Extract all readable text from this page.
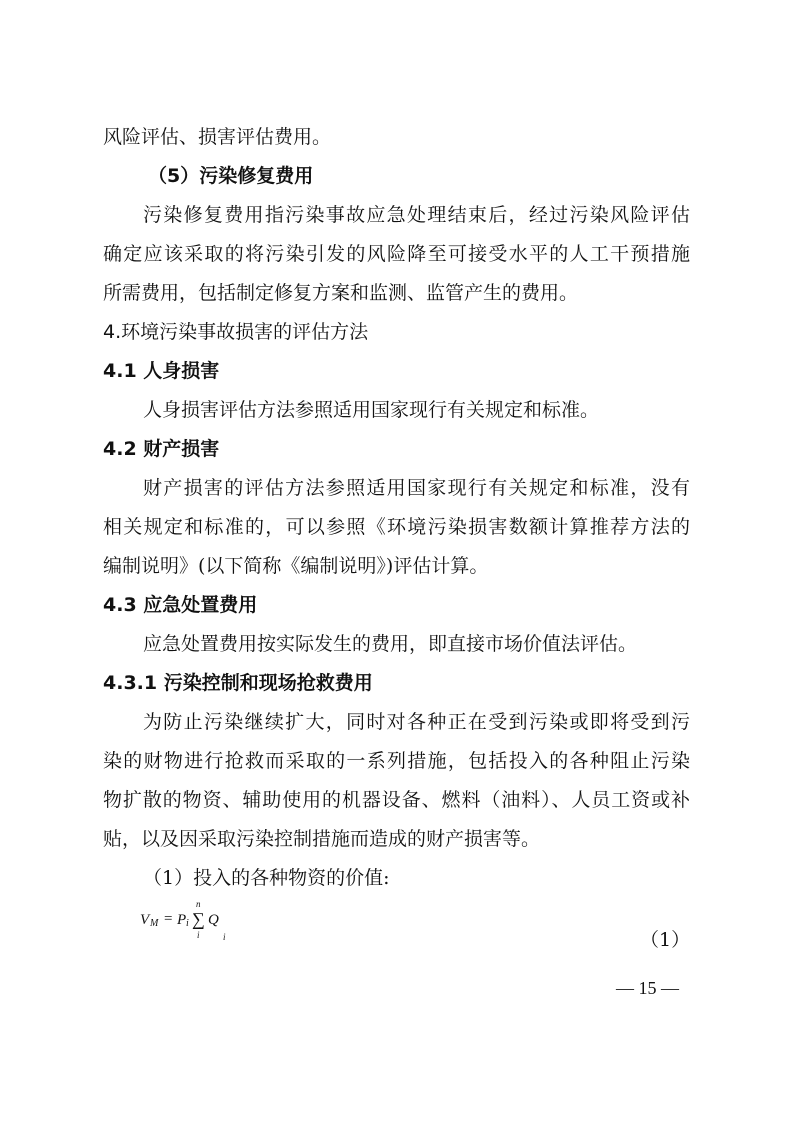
风险评估、损害评估费用。
（5）污染修复费用
污染修复费用指污染事故应急处理结束后，经过污染风险评估
确定应该采取的将污染引发的风险降至可接受水平的人工干预措施
所需费用，包括制定修复方案和监测、监管产生的费用。
4.环境污染事故损害的评估方法
4.1 人身损害
人身损害评估方法参照适用国家现行有关规定和标准。
4.2 财产损害
财产损害的评估方法参照适用国家现行有关规定和标准，没有
相关规定和标准的，可以参照《环境污染损害数额计算推荐方法的
编制说明》(以下简称《编制说明》)评估计算。
4.3 应急处置费用
应急处置费用按实际发生的费用，即直接市场价值法评估。
4.3.1 污染控制和现场抢救费用
为防止污染继续扩大，同时对各种正在受到污染或即将受到污
染的财物进行抢救而采取的一系列措施，包括投入的各种阻止污染
物扩散的物资、辅助使用的机器设备、燃料（油料）、人员工资或补
贴，以及因采取污染控制措施而造成的财产损害等。
（1）投入的各种物资的价值:
V M = P i ∑
n
i
Q
i	（1）
— 15 —
